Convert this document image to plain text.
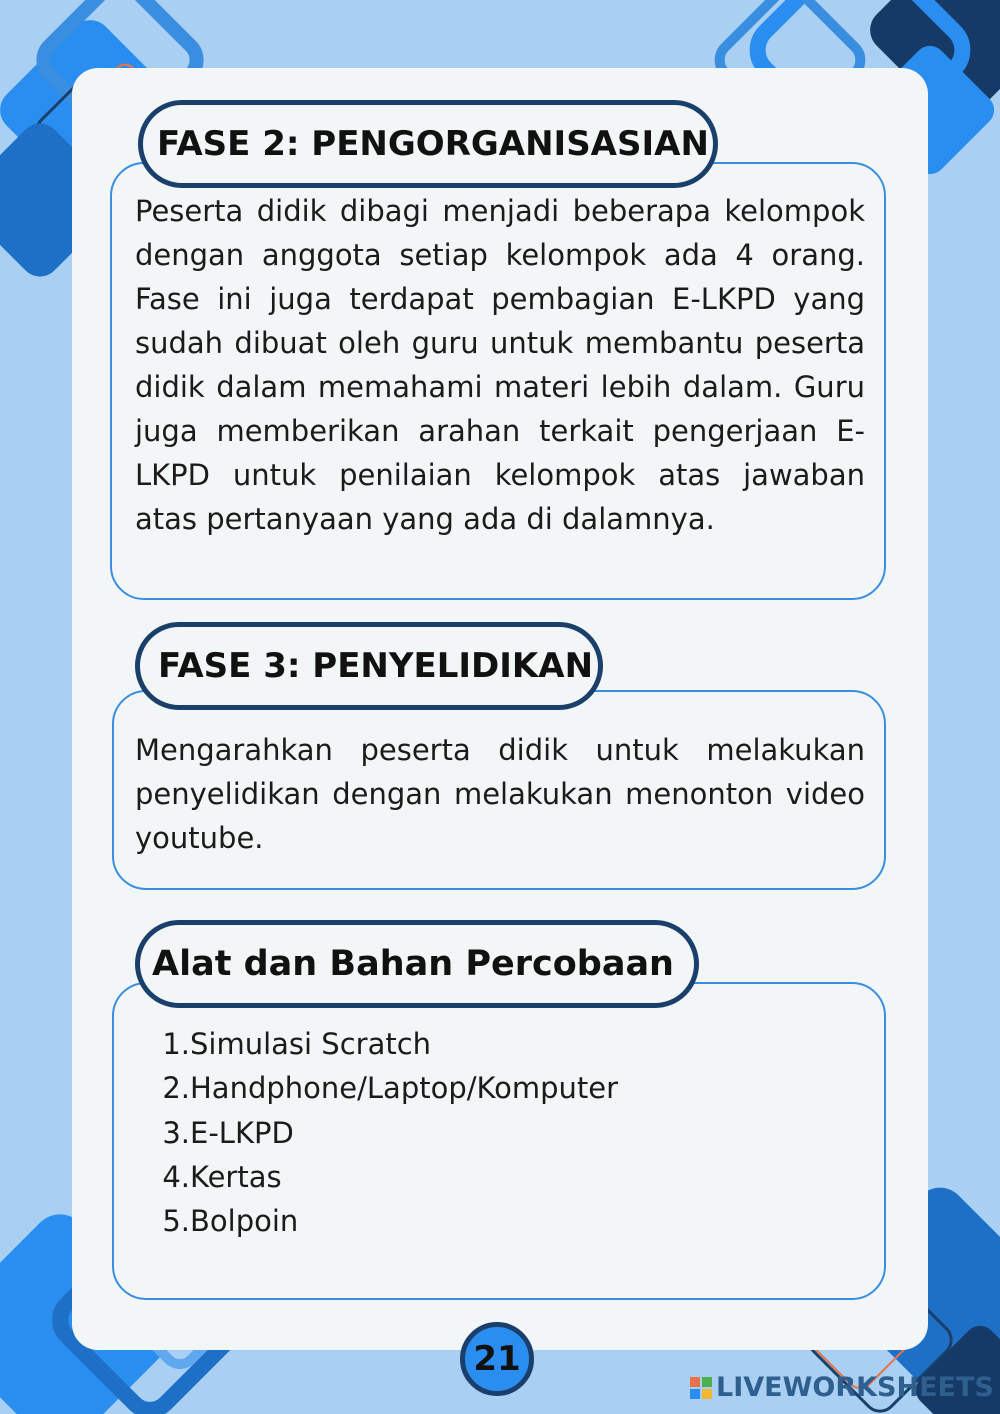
FASE 2: PENGORGANISASIAN

Peserta didik dibagi menjadi beberapa kelompok dengan anggota setiap kelompok ada 4 orang. Fase ini juga terdapat pembagian E-LKPD yang sudah dibuat oleh guru untuk membantu peserta didik dalam memahami materi lebih dalam. Guru juga memberikan arahan terkait pengerjaan E-LKPD untuk penilaian kelompok atas jawaban atas pertanyaan yang ada di dalamnya.

FASE 3: PENYELIDIKAN

Mengarahkan peserta didik untuk melakukan penyelidikan dengan melakukan menonton video youtube.

Alat dan Bahan Percobaan
1. Simulasi Scratch
2. Handphone/Laptop/Komputer
3. E-LKPD
4. Kertas
5. Bolpoin
21
LIVEWORKSHEETS
